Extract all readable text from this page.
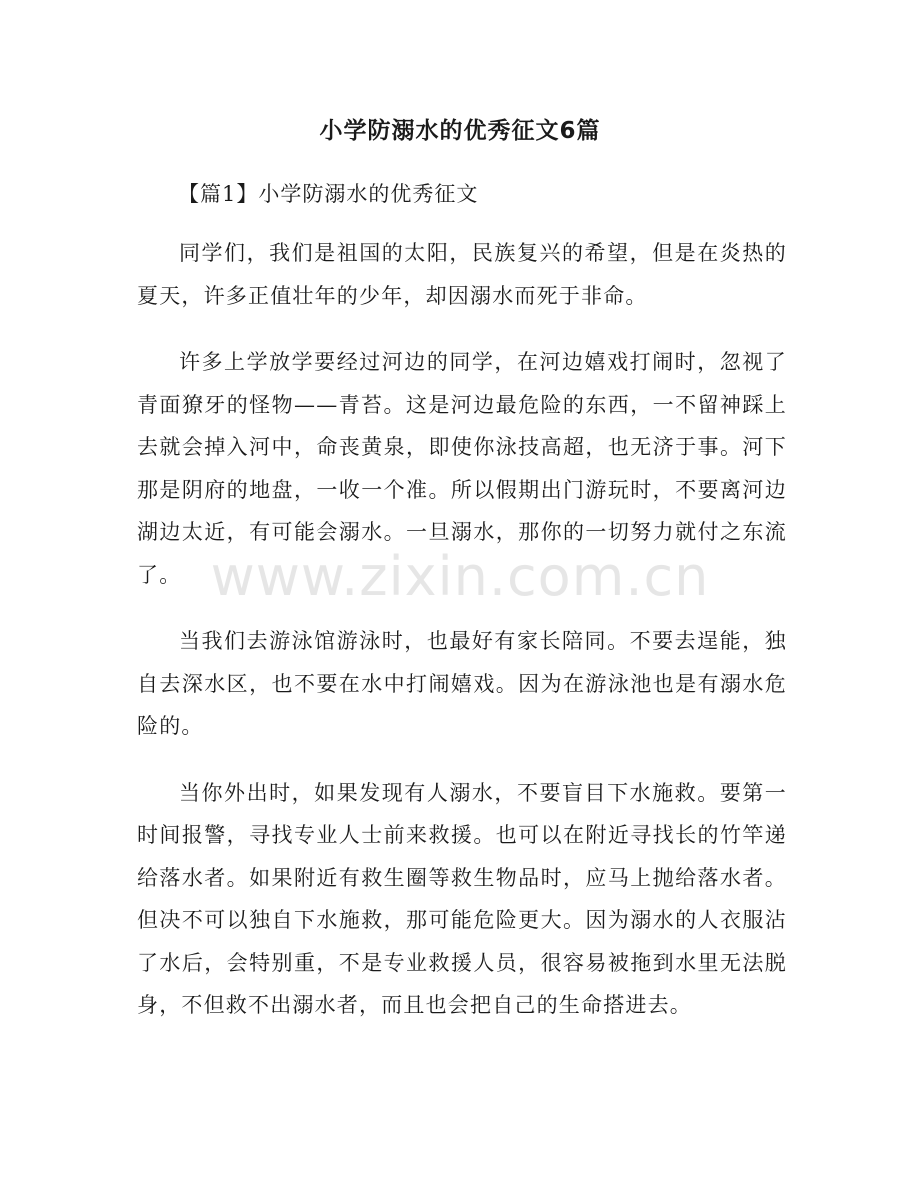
小学防溺水的优秀征文6篇
【篇1】小学防溺水的优秀征文

同学们，我们是祖国的太阳，民族复兴的希望，但是在炎热的夏天，许多正值壮年的少年，却因溺水而死于非命。

许多上学放学要经过河边的同学，在河边嬉戏打闹时，忽视了青面獠牙的怪物——青苔。这是河边最危险的东西，一不留神踩上去就会掉入河中，命丧黄泉，即使你泳技高超，也无济于事。河下那是阴府的地盘，一收一个准。所以假期出门游玩时，不要离河边湖边太近，有可能会溺水。一旦溺水，那你的一切努力就付之东流了。

当我们去游泳馆游泳时，也最好有家长陪同。不要去逞能，独自去深水区，也不要在水中打闹嬉戏。因为在游泳池也是有溺水危险的。

当你外出时，如果发现有人溺水，不要盲目下水施救。要第一时间报警，寻找专业人士前来救援。也可以在附近寻找长的竹竿递给落水者。如果附近有救生圈等救生物品时，应马上抛给落水者。但决不可以独自下水施救，那可能危险更大。因为溺水的人衣服沾了水后，会特别重，不是专业救援人员，很容易被拖到水里无法脱身，不但救不出溺水者，而且也会把自己的生命搭进去。

www.zixin.com.cn
